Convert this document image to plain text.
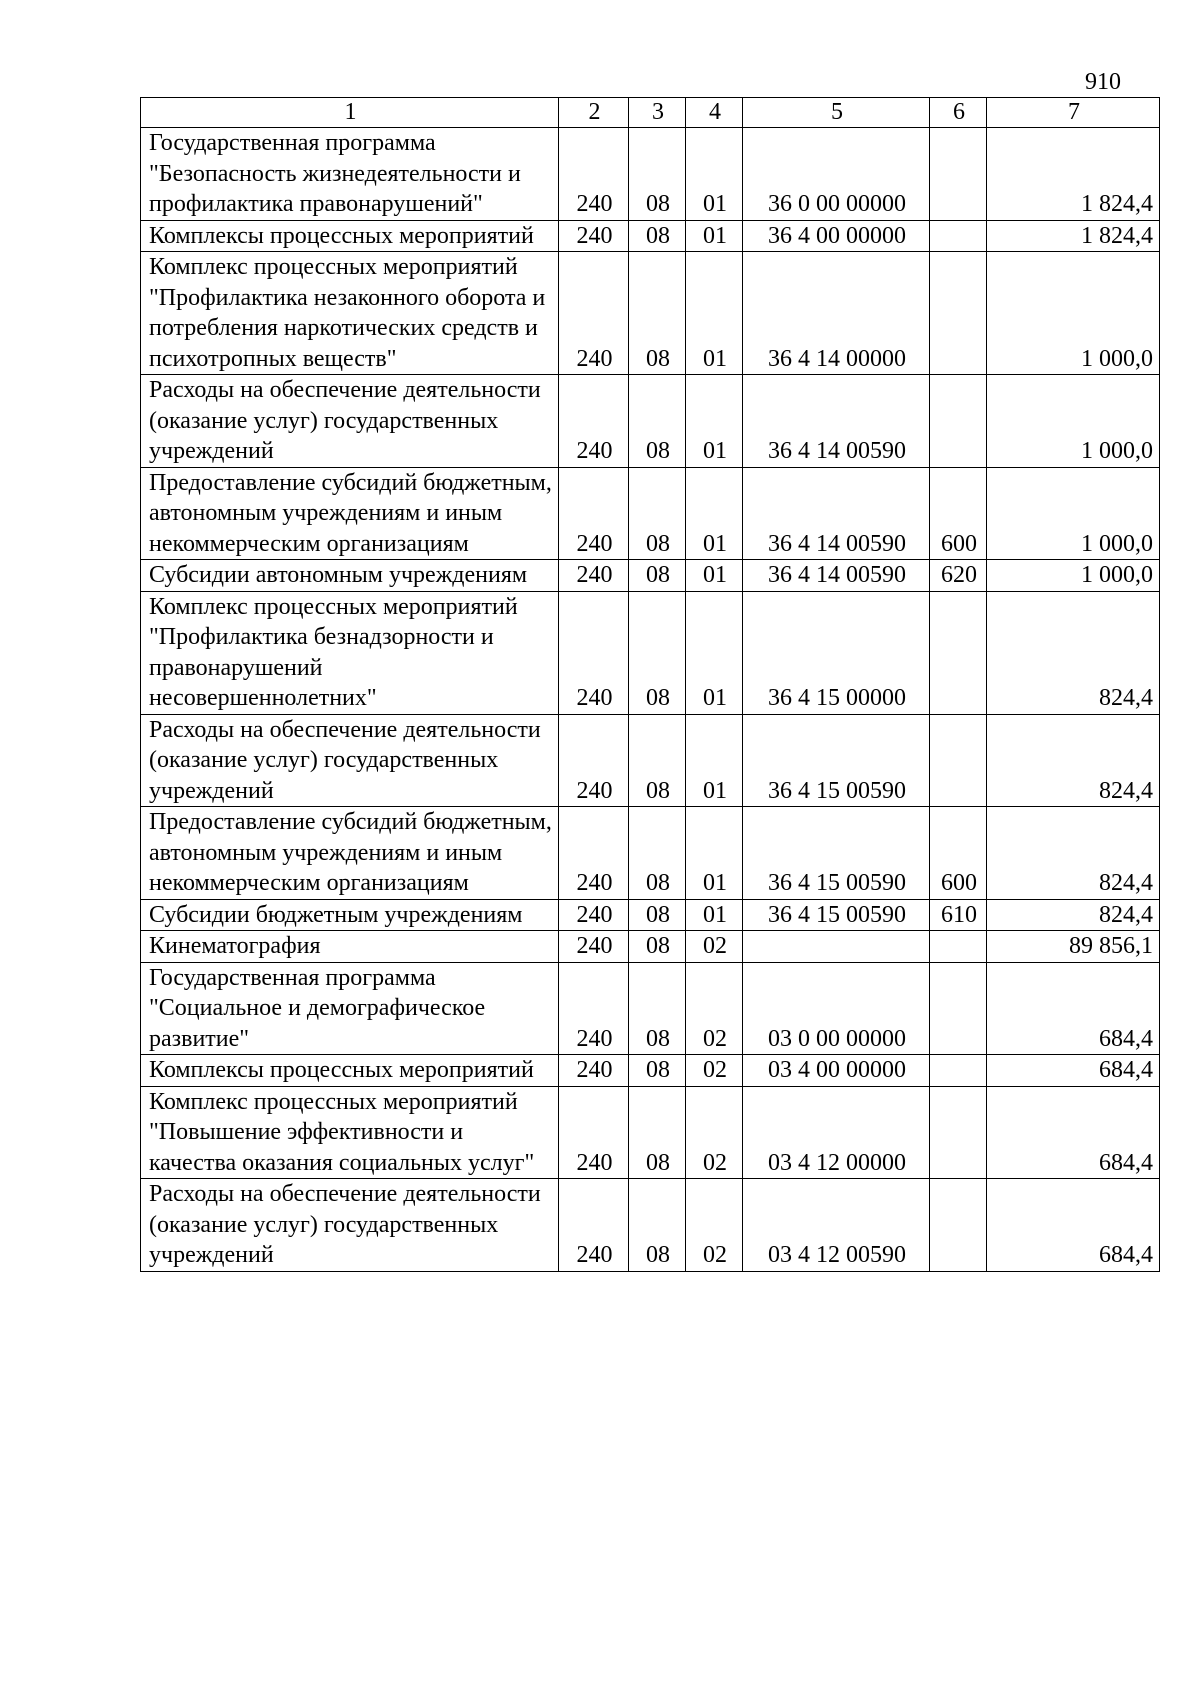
910
1	2	3	4	5	6	7
Государственная программа "Безопасность жизнедеятельности и профилактика правонарушений"	240	08	01	36 0 00 00000		1 824,4
Комплексы процессных мероприятий	240	08	01	36 4 00 00000		1 824,4
Комплекс процессных мероприятий "Профилактика незаконного оборота и потребления наркотических средств и психотропных веществ"	240	08	01	36 4 14 00000		1 000,0
Расходы на обеспечение деятельности (оказание услуг) государственных учреждений	240	08	01	36 4 14 00590		1 000,0
Предоставление субсидий бюджетным, автономным учреждениям и иным некоммерческим организациям	240	08	01	36 4 14 00590	600	1 000,0
Субсидии автономным учреждениям	240	08	01	36 4 14 00590	620	1 000,0
Комплекс процессных мероприятий "Профилактика безнадзорности и правонарушений несовершеннолетних"	240	08	01	36 4 15 00000		824,4
Расходы на обеспечение деятельности (оказание услуг) государственных учреждений	240	08	01	36 4 15 00590		824,4
Предоставление субсидий бюджетным, автономным учреждениям и иным некоммерческим организациям	240	08	01	36 4 15 00590	600	824,4
Субсидии бюджетным учреждениям	240	08	01	36 4 15 00590	610	824,4
Кинематография	240	08	02			89 856,1
Государственная программа "Социальное и демографическое развитие"	240	08	02	03 0 00 00000		684,4
Комплексы процессных мероприятий	240	08	02	03 4 00 00000		684,4
Комплекс процессных мероприятий "Повышение эффективности и качества оказания социальных услуг"	240	08	02	03 4 12 00000		684,4
Расходы на обеспечение деятельности (оказание услуг) государственных учреждений	240	08	02	03 4 12 00590		684,4
